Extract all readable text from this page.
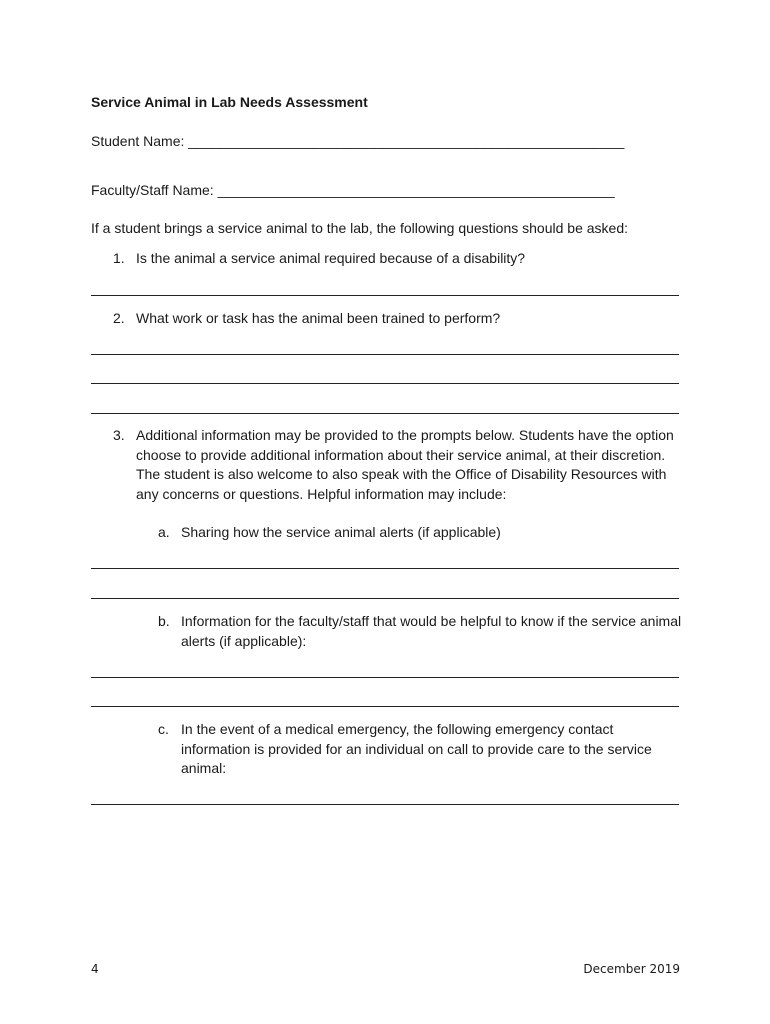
Service Animal in Lab Needs Assessment
Student Name: ________________________________________________________
Faculty/Staff Name: ___________________________________________________
If a student brings a service animal to the lab, the following questions should be asked:
1. Is the animal a service animal required because of a disability?
2. What work or task has the animal been trained to perform?
3. Additional information may be provided to the prompts below. Students have the option choose to provide additional information about their service animal, at their discretion. The student is also welcome to also speak with the Office of Disability Resources with any concerns or questions. Helpful information may include:
a. Sharing how the service animal alerts (if applicable)
b. Information for the faculty/staff that would be helpful to know if the service animal alerts (if applicable):
c. In the event of a medical emergency, the following emergency contact information is provided for an individual on call to provide care to the service animal:
4	December 2019
